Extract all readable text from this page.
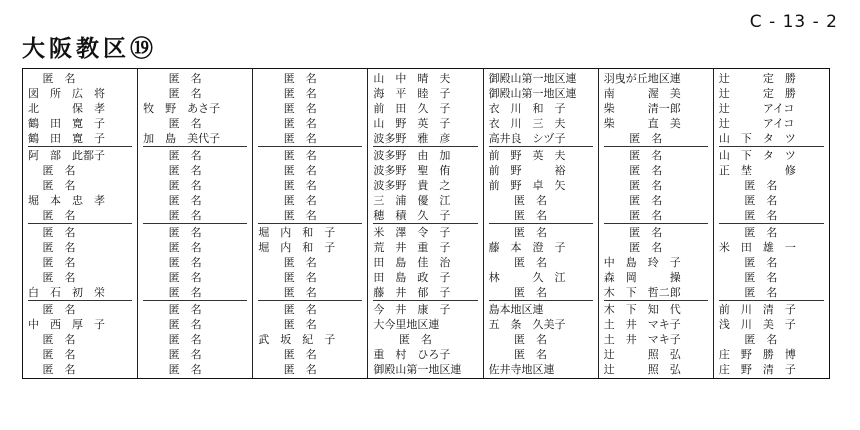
C - 13 - 2
大阪教区⑲
　 匿　名
図　所　広　将
北　　　保　孝
鶴　田　寛　子
鶴　田　寛　子
阿　部　此都子
　 匿　名
　 匿　名
堀　本　忠　孝
　 匿　名
　 匿　名
　 匿　名
　 匿　名
　 匿　名
白　石　初　栄
　 匿　名
中　西　厚　子
　 匿　名
　 匿　名
　 匿　名
　　 匿　名
　　 匿　名
牧　野　あさ子
　　 匿　名
加　島　美代子
　　 匿　名
　　 匿　名
　　 匿　名
　　 匿　名
　　 匿　名
　　 匿　名
　　 匿　名
　　 匿　名
　　 匿　名
　　 匿　名
　　 匿　名
　　 匿　名
　　 匿　名
　　 匿　名
　　 匿　名
　　 匿　名
　　 匿　名
　　 匿　名
　　 匿　名
　　 匿　名
　　 匿　名
　　 匿　名
　　 匿　名
　　 匿　名
　　 匿　名
堀　内　和　子
堀　内　和　子
　　 匿　名
　　 匿　名
　　 匿　名
　　 匿　名
　　 匿　名
武　坂　紀　子
　　 匿　名
　　 匿　名
山　中　晴　夫
海　平　睦　子
前　田　久　子
山　野　英　子
波多野　雅　彦
波多野　由　加
波多野　聖　侑
波多野　貴　之
三　浦　優　江
穂　積　久　子
米　澤　令　子
荒　井　重　子
田　島　佳　治
田　島　政　子
藤　井　郁　子
今　井　康　子
大今里地区連
　　 匿　名
重　村　ひろ子
御殿山第一地区連
御殿山第一地区連
御殿山第一地区連
衣　川　和　子
衣　川　三　夫
高井良　シヅ子
前　野　英　夫
前　野　　　裕
前　野　卓　矢
　　 匿　名
　　 匿　名
　　 匿　名
藤　本　澄　子
　　 匿　名
林　　　久　江
　　 匿　名
島本地区連
五　条　久美子
　　 匿　名
　　 匿　名
佐井寺地区連
羽曳が丘地区連
南　　　渥　美
柴　　　清一郎
柴　　　直　美
　　 匿　名
　　 匿　名
　　 匿　名
　　 匿　名
　　 匿　名
　　 匿　名
　　 匿　名
　　 匿　名
中　島　玲　子
森　岡　　　操
木　下　哲二郎
木　下　知　代
土　井　マキ子
土　井　マキ子
辻　　　照　弘
辻　　　照　弘
辻　　　定　勝
辻　　　定　勝
辻　　　アイコ
辻　　　アイコ
山　下　タ　ツ
山　下　タ　ツ
正　埜　　　修
　　 匿　名
　　 匿　名
　　 匿　名
　　 匿　名
米　田　雄　一
　　 匿　名
　　 匿　名
　　 匿　名
前　川　清　子
浅　川　美　子
　　 匿　名
庄　野　勝　博
庄　野　清　子
